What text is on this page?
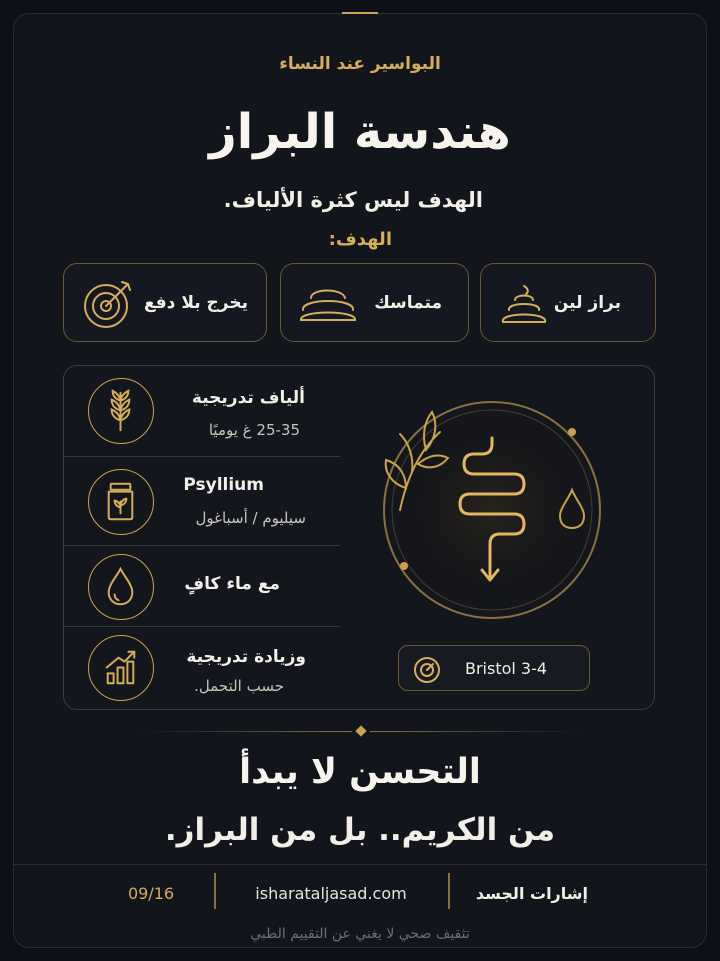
البواسير عند النساء
هندسة البراز
الهدف ليس كثرة الألياف.
الهدف:
براز لين
متماسك
يخرج بلا دفع
ألياف تدريجية
25-35 غ يوميًا
Psyllium
سيليوم / أسباغول
مع ماء كافٍ
وزيادة تدريجية
حسب التحمل.
Bristol 3-4
التحسن لا يبدأ
من الكريم.. بل من البراز.
09/16	isharataljasad.com	إشارات الجسد
تثقيف صحي لا يغني عن التقييم الطبي
